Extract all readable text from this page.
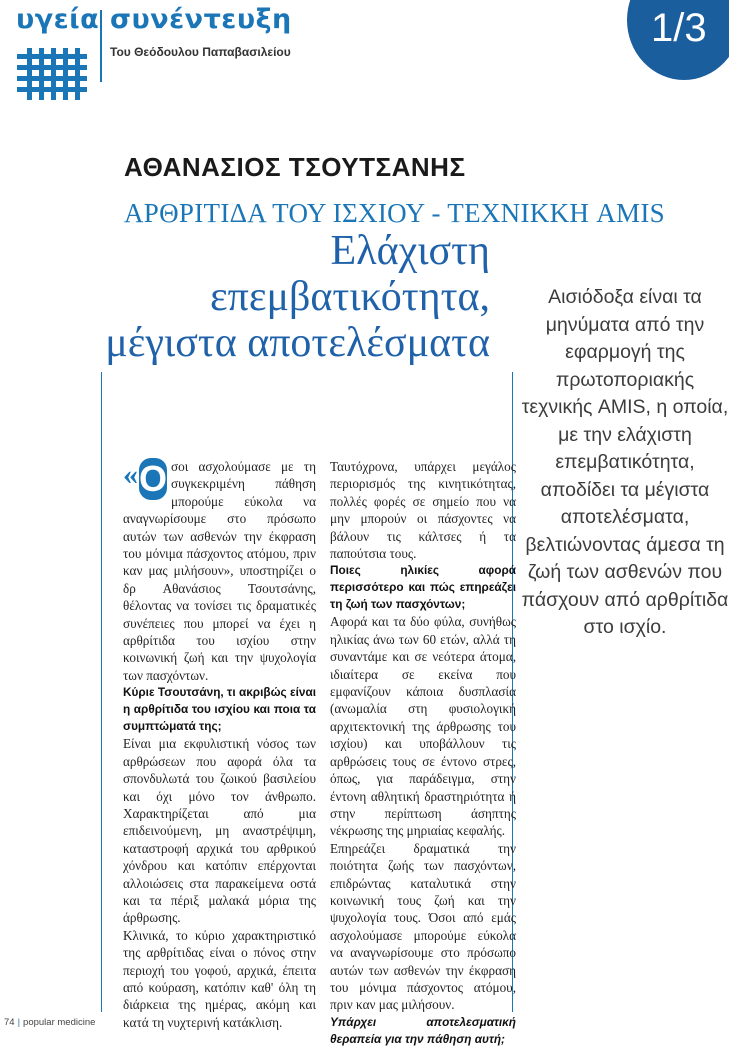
υγεία συνέντευξη
Του Θεόδουλου Παπαβασιλείου
1/3
ΑΘΑΝΑΣΙΟΣ ΤΣΟΥΤΣΑΝΗΣ
ΑΡΘΡΙΤΙΔΑ ΤΟΥ ΙΣΧΙΟΥ - ΤΕΧΝΙΚΚΗ AMIS
Ελάχιστη
επεμβατικότητα,
μέγιστα αποτελέσματα
Αισιόδοξα είναι τα μηνύματα από την εφαρμογή της πρωτοποριακής τεχνικής AMIS, η οποία, με την ελάχιστη επεμβατικότητα, αποδίδει τα μέγιστα αποτελέσματα, βελτιώνοντας άμεσα τη ζωή των ασθενών που πάσχουν από αρθρίτιδα στο ισχίο.

« Ο σοι ασχολούμασε με τη συγκεκριμένη πάθηση μπορούμε εύκολα να αναγνωρίσουμε στο πρόσωπο αυτών των ασθενών την έκφραση του μόνιμα πάσχοντος ατόμου, πριν καν μας μιλήσουν», υποστηρίζει ο δρ Αθανάσιος Τσουτσάνης, θέλοντας να τονίσει τις δραματικές συνέπειες που μπορεί να έχει η αρθρίτιδα του ισχίου στην κοινωνική ζωή και την ψυχολογία των πασχόντων.

Κύριε Τσουτσάνη, τι ακριβώς είναι η αρθρίτιδα του ισχίου και ποια τα συμπτώματά της;

Είναι μια εκφυλιστική νόσος των αρθρώσεων που αφορά όλα τα σπονδυλωτά του ζωικού βασιλείου και όχι μόνο τον άνθρωπο. Χαρακτηρίζεται από μια επιδεινούμενη, μη αναστρέψιμη, καταστροφή αρχικά του αρθρικού χόνδρου και κατόπιν επέρχονται αλλοιώσεις στα παρακείμενα οστά και τα πέριξ μαλακά μόρια της άρθρωσης.

Κλινικά, το κύριο χαρακτηριστικό της αρθρίτιδας είναι ο πόνος στην περιοχή του γοφού, αρχικά, έπειτα από κούραση, κατόπιν καθ' όλη τη διάρκεια της ημέρας, ακόμη και κατά τη νυχτερινή κατάκλιση.

Ταυτόχρονα, υπάρχει μεγάλος περιορισμός της κινητικότητας, πολλές φορές σε σημείο που να μην μπορούν οι πάσχοντες να βάλουν τις κάλτσες ή τα παπούτσια τους.

Ποιες ηλικίες αφορά περισσότερο και πώς επηρεάζει τη ζωή των πασχόντων;

Αφορά και τα δύο φύλα, συνήθως ηλικίας άνω των 60 ετών, αλλά τη συναντάμε και σε νεότερα άτομα, ιδιαίτερα σε εκείνα που εμφανίζουν κάποια δυσπλασία (ανωμαλία στη φυσιολογική αρχιτεκτονική της άρθρωσης του ισχίου) και υποβάλλουν τις αρθρώσεις τους σε έντονο στρες, όπως, για παράδειγμα, στην έντονη αθλητική δραστηριότητα ή στην περίπτωση άσηπτης νέκρωσης της μηριαίας κεφαλής.

Επηρεάζει δραματικά την ποιότητα ζωής των πασχόντων, επιδρώντας καταλυτικά στην κοινωνική τους ζωή και την ψυχολογία τους. Όσοι από εμάς ασχολούμασε μπορούμε εύκολα να αναγνωρίσουμε στο πρόσωπο αυτών των ασθενών την έκφραση του μόνιμα πάσχοντος ατόμου, πριν καν μας μιλήσουν.

Υπάρχει αποτελεσματική θεραπεία για την πάθηση αυτή;

74 | popular medicine
